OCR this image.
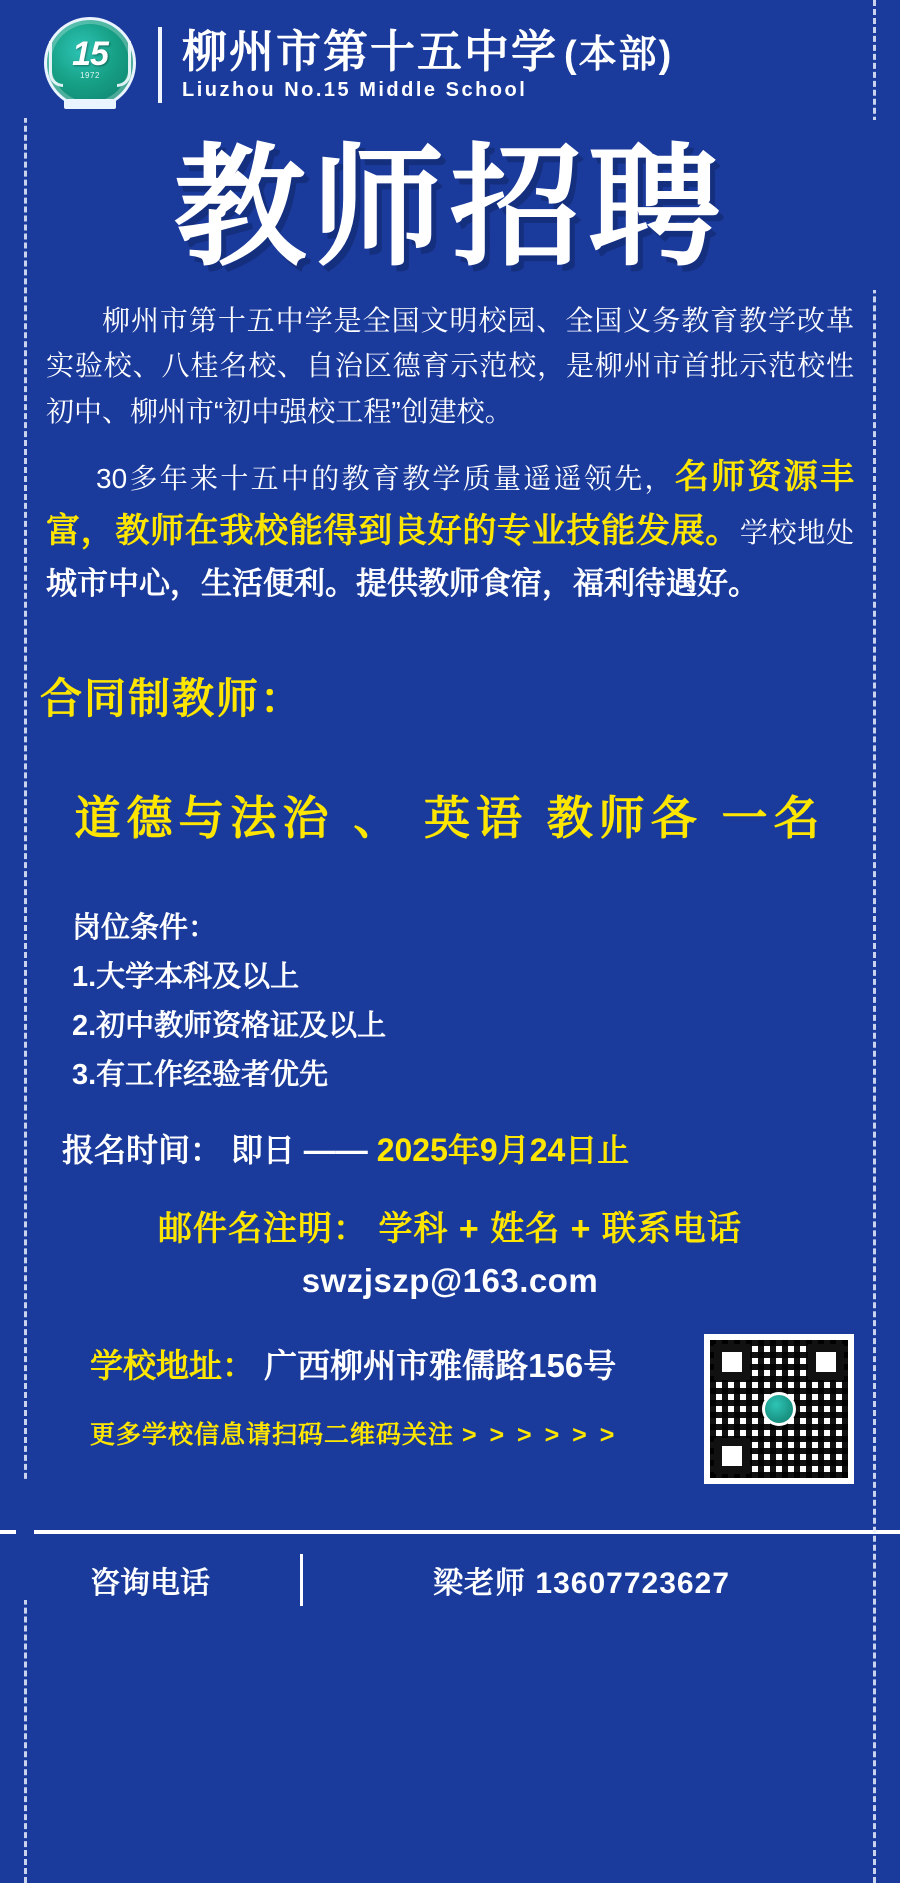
15
1972	柳州市第十五中学 (本部)
Liuzhou No.15 Middle School
教师招聘

柳州市第十五中学是全国文明校园、全国义务教育教学改革实验校、八桂名校、自治区德育示范校，是柳州市首批示范校性初中、柳州市“初中强校工程”创建校。

30多年来十五中的教育教学质量遥遥领先，名师资源丰富，教师在我校能得到良好的专业技能发展。学校地处城市中心，生活便利。提供教师食宿，福利待遇好。

合同制教师：
道德与法治 、 英语 教师各 一名
岗位条件：
1.大学本科及以上
2.初中教师资格证及以上
3.有工作经验者优先
报名时间： 即日 —— 2025年9月24日止
邮件名注明： 学科 + 姓名 + 联系电话
swzjszp@163.com
学校地址： 广西柳州市雅儒路156号
更多学校信息请扫码二维码关注 > > > > > >
咨询电话	梁老师 13607723627
